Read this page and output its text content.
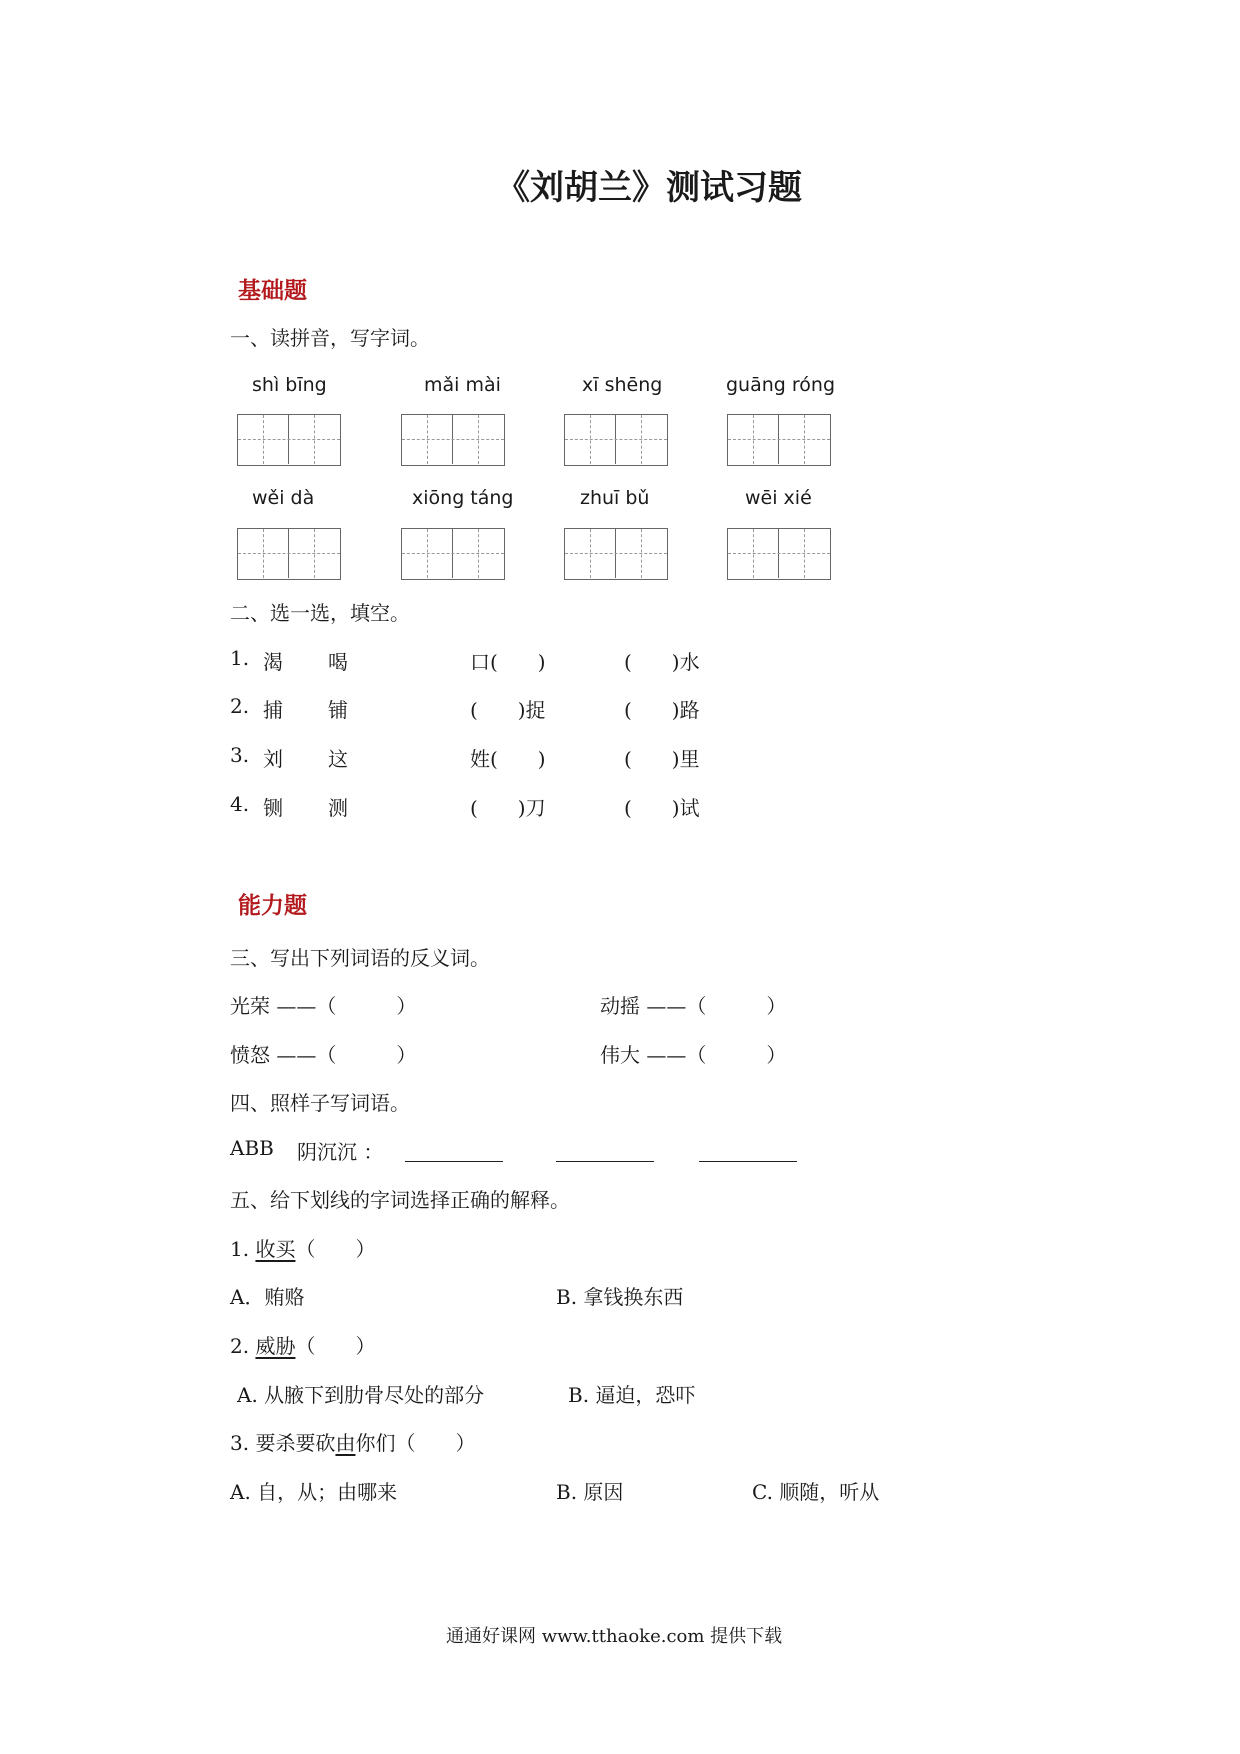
《刘胡兰》测试习题
基础题
一、读拼音，写字词。
shì bīng	mǎi mài	xī shēng	guāng róng
wěi dà	xiōng táng	zhuī bǔ	wēi xié
二、选一选，填空。
1. 渴 喝	口(　　)	(　　)水
2. 捕 铺	(　　)捉	(　　)路
3. 刘 这	姓(　　)	(　　)里
4. 铡 测	(　　)刀	(　　)试
能力题
三、写出下列词语的反义词。
光荣 ——（　　　）	动摇 ——（　　　）
愤怒 ——（　　　）	伟大 ——（　　　）
四、照样子写词语。
ABB 阴沉沉 ：
五、给下划线的字词选择正确的解释。
1. 收买（　　）
A．贿赂	B. 拿钱换东西
2. 威胁（　　）
A. 从腋下到肋骨尽处的部分	B. 逼迫，恐吓
3. 要杀要砍由你们（　　）
A. 自，从；由哪来	B. 原因	C. 顺随，听从
通通好课网 www.tthaoke.com 提供下载
